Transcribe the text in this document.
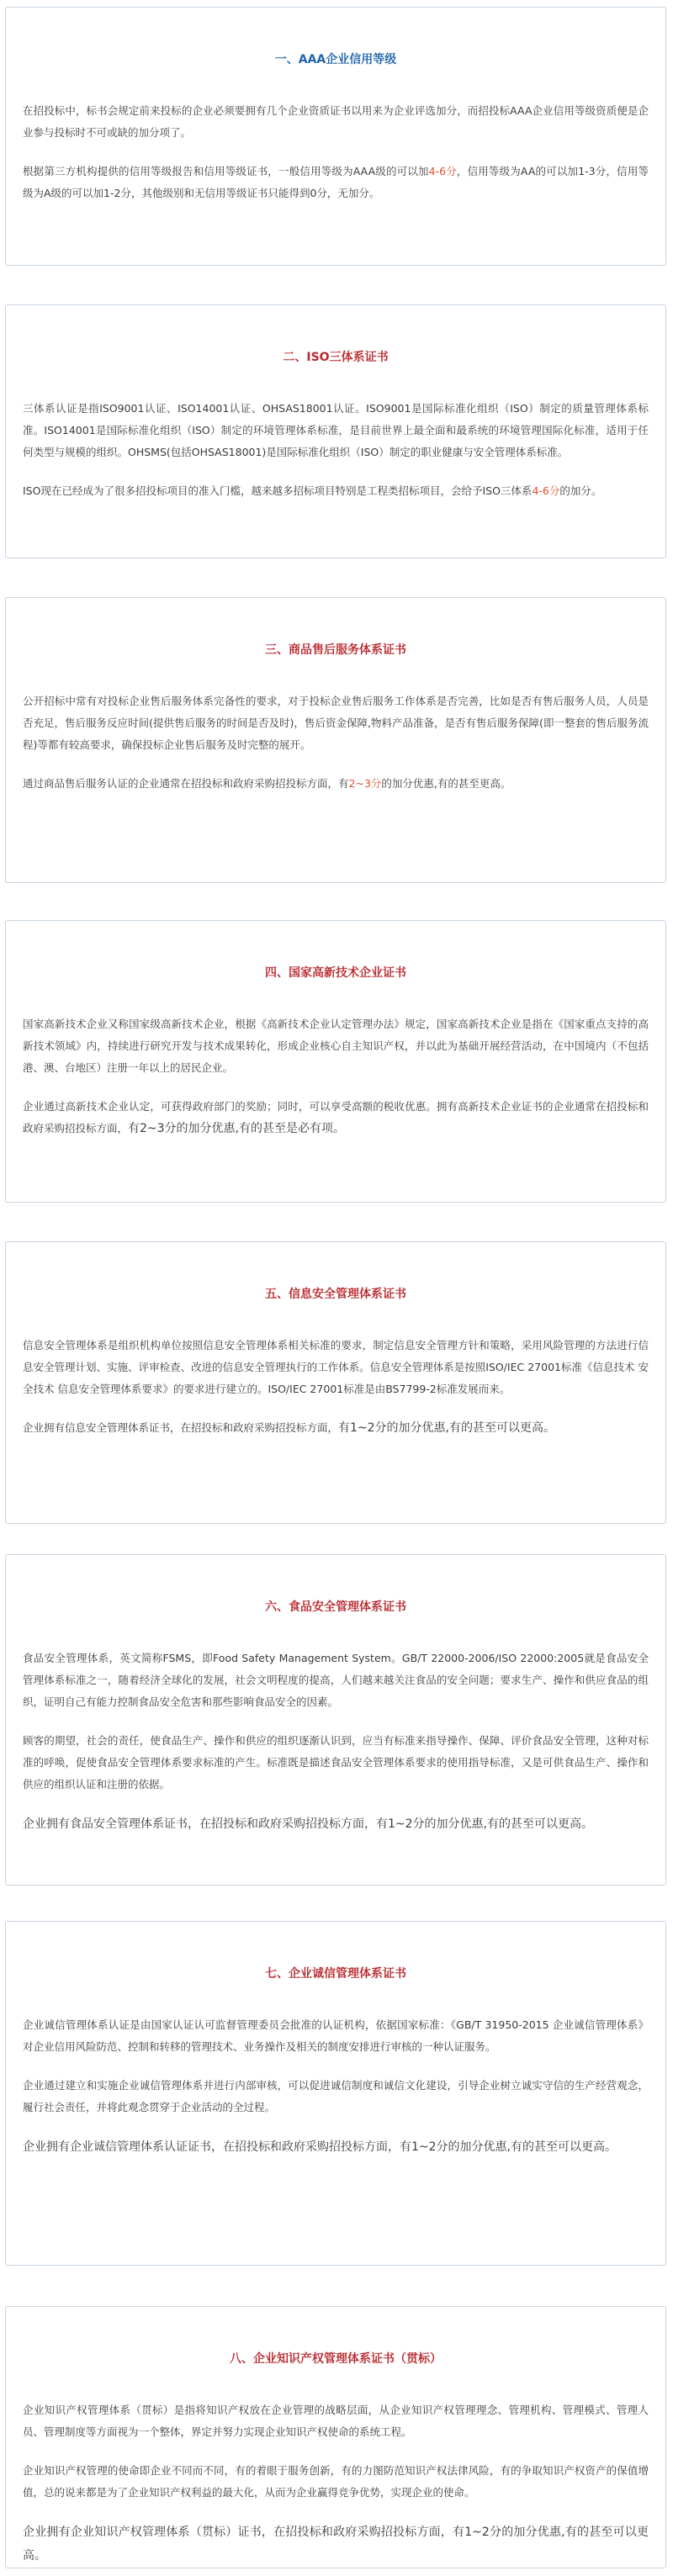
一、AAA企业信用等级

在招投标中，标书会规定前来投标的企业必须要拥有几个企业资质证书以用来为企业评选加分，而招投标AAA企业信用等级资质便是企业参与投标时不可或缺的加分项了。

根据第三方机构提供的信用等级报告和信用等级证书，一般信用等级为AAA级的可以加4-6分，信用等级为AA的可以加1-3分，信用等级为A级的可以加1-2分，其他级别和无信用等级证书只能得到0分，无加分。

二、ISO三体系证书

三体系认证是指ISO9001认证、ISO14001认证、OHSAS18001认证。ISO9001是国际标准化组织（ISO）制定的质量管理体系标准。ISO14001是国际标准化组织（ISO）制定的环境管理体系标准，是目前世界上最全面和最系统的环境管理国际化标准，适用于任何类型与规模的组织。OHSMS(包括OHSAS18001)是国际标准化组织（ISO）制定的职业健康与安全管理体系标准。

ISO现在已经成为了很多招投标项目的准入门槛，越来越多招标项目特别是工程类招标项目，会给予ISO三体系4-6分的加分。

三、商品售后服务体系证书

公开招标中常有对投标企业售后服务体系完备性的要求，对于投标企业售后服务工作体系是否完善，比如是否有售后服务人员，人员是否充足，售后服务反应时间(提供售后服务的时间是否及时)，售后资金保障,物料产品准备，是否有售后服务保障(即一整套的售后服务流程)等都有较高要求，确保投标企业售后服务及时完整的展开。

通过商品售后服务认证的企业通常在招投标和政府采购招投标方面，有2~3分的加分优惠,有的甚至更高。

四、国家高新技术企业证书

国家高新技术企业又称国家级高新技术企业，根据《高新技术企业认定管理办法》规定，国家高新技术企业是指在《国家重点支持的高新技术领域》内，持续进行研究开发与技术成果转化，形成企业核心自主知识产权，并以此为基础开展经营活动，在中国境内（不包括港、澳、台地区）注册一年以上的居民企业。

企业通过高新技术企业认定，可获得政府部门的奖励；同时，可以享受高额的税收优惠。拥有高新技术企业证书的企业通常在招投标和政府采购招投标方面，有2~3分的加分优惠,有的甚至是必有项。

五、信息安全管理体系证书

信息安全管理体系是组织机构单位按照信息安全管理体系相关标准的要求，制定信息安全管理方针和策略，采用风险管理的方法进行信息安全管理计划、实施、评审检查、改进的信息安全管理执行的工作体系。信息安全管理体系是按照ISO/IEC 27001标准《信息技术 安全技术 信息安全管理体系要求》的要求进行建立的。ISO/IEC 27001标准是由BS7799-2标准发展而来。

企业拥有信息安全管理体系证书，在招投标和政府采购招投标方面，有1~2分的加分优惠,有的甚至可以更高。

六、食品安全管理体系证书

食品安全管理体系，英文简称FSMS，即Food Safety Management System。GB/T 22000-2006/ISO 22000:2005就是食品安全管理体系标准之一，随着经济全球化的发展，社会文明程度的提高，人们越来越关注食品的安全问题；要求生产、操作和供应食品的组织，证明自己有能力控制食品安全危害和那些影响食品安全的因素。

顾客的期望，社会的责任，使食品生产、操作和供应的组织逐渐认识到，应当有标准来指导操作、保障、评价食品安全管理，这种对标准的呼唤，促使食品安全管理体系要求标准的产生。标准既是描述食品安全管理体系要求的使用指导标准，又是可供食品生产、操作和供应的组织认证和注册的依据。

企业拥有食品安全管理体系证书，在招投标和政府采购招投标方面，有1~2分的加分优惠,有的甚至可以更高。

七、企业诚信管理体系证书

企业诚信管理体系认证是由国家认证认可监督管理委员会批准的认证机构，依据国家标准：《GB/T 31950-2015 企业诚信管理体系》对企业信用风险防范、控制和转移的管理技术、业务操作及相关的制度安排进行审核的一种认证服务。

企业通过建立和实施企业诚信管理体系并进行内部审核，可以促进诚信制度和诚信文化建设，引导企业树立诚实守信的生产经营观念，履行社会责任，并将此观念贯穿于企业活动的全过程。

企业拥有企业诚信管理体系认证证书，在招投标和政府采购招投标方面，有1~2分的加分优惠,有的甚至可以更高。

八、企业知识产权管理体系证书（贯标）

企业知识产权管理体系（贯标）是指将知识产权放在企业管理的战略层面，从企业知识产权管理理念、管理机构、管理模式、管理人员、管理制度等方面视为一个整体，界定并努力实现企业知识产权使命的系统工程。

企业知识产权管理的使命即企业不同而不同，有的着眼于服务创新，有的力图防范知识产权法律风险，有的争取知识产权资产的保值增值，总的说来都是为了企业知识产权利益的最大化，从而为企业赢得竞争优势，实现企业的使命。

企业拥有企业知识产权管理体系（贯标）证书，在招投标和政府采购招投标方面，有1~2分的加分优惠,有的甚至可以更高。
